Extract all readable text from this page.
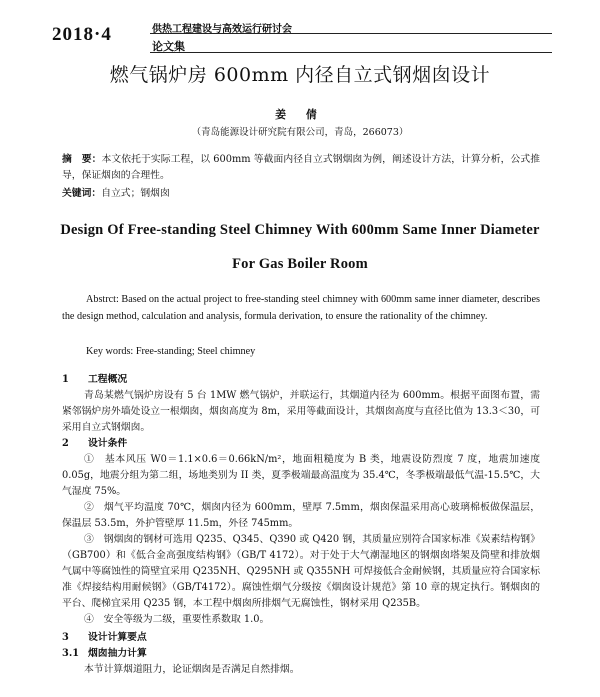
2018·4	供热工程建设与高效运行研讨会
论文集
燃气锅炉房 600mm 内径自立式钢烟囱设计
姜 倩
（青岛能源设计研究院有限公司，青岛，266073）

摘　要：本文依托于实际工程，以 600mm 等截面内径自立式钢烟囱为例，阐述设计方法，计算分析，公式推导，保证烟囱的合理性。

关键词：自立式；钢烟囱

Design Of Free-standing Steel Chimney With 600mm Same Inner Diameter
For Gas Boiler Room

Abstrct: Based on the actual project to free-standing steel chimney with 600mm same inner diameter, describes the design method, calculation and analysis, formula derivation, to ensure the rationality of the chimney.

Key words: Free-standing; Steel chimney

1 工程概况

青岛某燃气锅炉房设有 5 台 1MW 燃气锅炉，并联运行，其烟道内径为 600mm。根据平面图布置，需紧邻锅炉房外墙处设立一根烟囱，烟囱高度为 8m，采用等截面设计，其烟囱高度与直径比值为 13.3＜30，可采用自立式钢烟囱。

2 设计条件

①　基本风压 W0＝1.1×0.6＝0.66kN/m²，地面粗糙度为 B 类，地震设防烈度 7 度，地震加速度 0.05g，地震分组为第二组，场地类别为 II 类，夏季极端最高温度为 35.4℃，冬季极端最低气温-15.5℃，大气湿度 75%。

②　烟气平均温度 70℃，烟囱内径为 600mm，壁厚 7.5mm，烟囱保温采用高心玻璃棉板做保温层，保温层 53.5m，外护管壁厚 11.5m，外径 745mm。

③　钢烟囱的钢材可选用 Q235、Q345、Q390 或 Q420 钢，其质量应别符合国家标准《炭素结构钢》（GB700）和《低合金高强度结构钢》（GB/T 4172）。对于处于大气潮湿地区的钢烟囱塔架及筒壁和排放烟气属中等腐蚀性的筒壁宜采用 Q235NH、Q295NH 或 Q355NH 可焊接低合金耐候钢，其质量应符合国家标准《焊接结构用耐候钢》（GB/T4172）。腐蚀性烟气分级按《烟囱设计规范》第 10 章的规定执行。钢烟囱的平台、爬梯宜采用 Q235 钢，本工程中烟囱所排烟气无腐蚀性，钢材采用 Q235B。

④　安全等级为二级，重要性系数取 1.0。

3 设计计算要点
3.1 烟囱抽力计算

本节计算烟道阻力，论证烟囱是否满足自然排烟。
